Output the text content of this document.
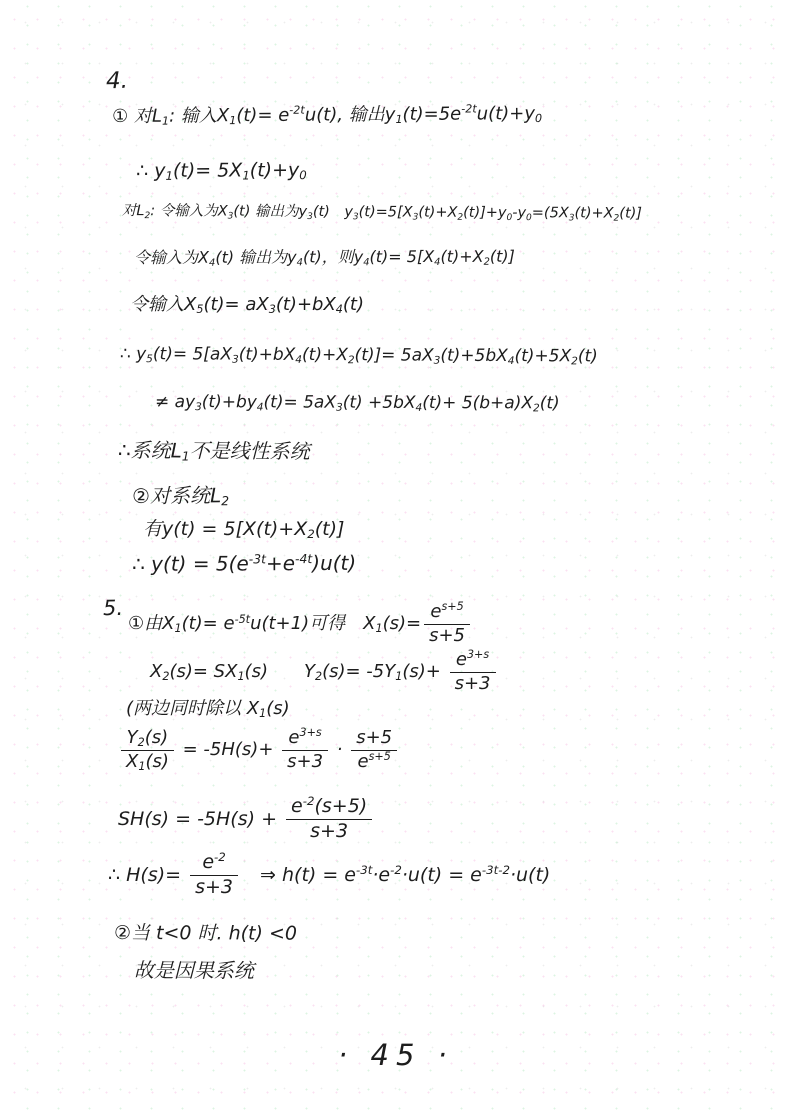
4.
① 对L1: 输入$X1(t)= e^{-2t}u(t)$, 输出$y1(t)=5e^{-2t}u(t)+y0$
∴ y1(t)= 5X1(t)+y0
对L2: 令输入为X3(t) 输出为y3(t)　y3(t)=5[X3(t)+X2(t)]+y0-y0=(5X3(t)+X2(t)]
令输入为X4(t) 输出为y4(t)，则y4(t)= 5[X4(t)+X2(t)]
令输入X5(t)= aX3(t)+bX4(t)
∴ y5(t)= 5[aX3(t)+bX4(t)+X2(t)]= 5aX3(t)+5bX4(t)+5X2(t)
≠ ay3(t)+by4(t)= 5aX3(t) +5bX4(t)+ 5(b+a)X2(t)
∴系统L1不是线性系统
②对系统L2
有y(t) = 5[X(t)+X2(t)]
∴ $y(t) = 5(e^{-3t}+e^{-4t})u(t)$
5.
①由$X1(t)= e^{-5t}u(t+1)$可得　$X1(s)= \frac{e^{s+5}}{s+5}$
X2(s)= SX1(s)　　$Y2(s)= -5Y1(s)+ \frac{e^{3+s}}{s+3}$
(两边同时除以 X1(s)
$\frac{Y2(s)}{X1(s)} = -5H(s)+ \frac{e^{3+s}}{s+3} \cdot \frac{s+5}{e^{s+5}}$
$SH(s) = -5H(s) + \frac{e^{-2}(s+5)}{s+3}$
∴ $H(s)= \frac{e^{-2}}{s+3}$ 　⇒ $h(t) = e^{-3t}\cdot e^{-2}\cdot u(t) = e^{-3t-2}\cdot u(t)$
②当 t<0 时. h(t) <0
故是因果系统
· 45 ·
